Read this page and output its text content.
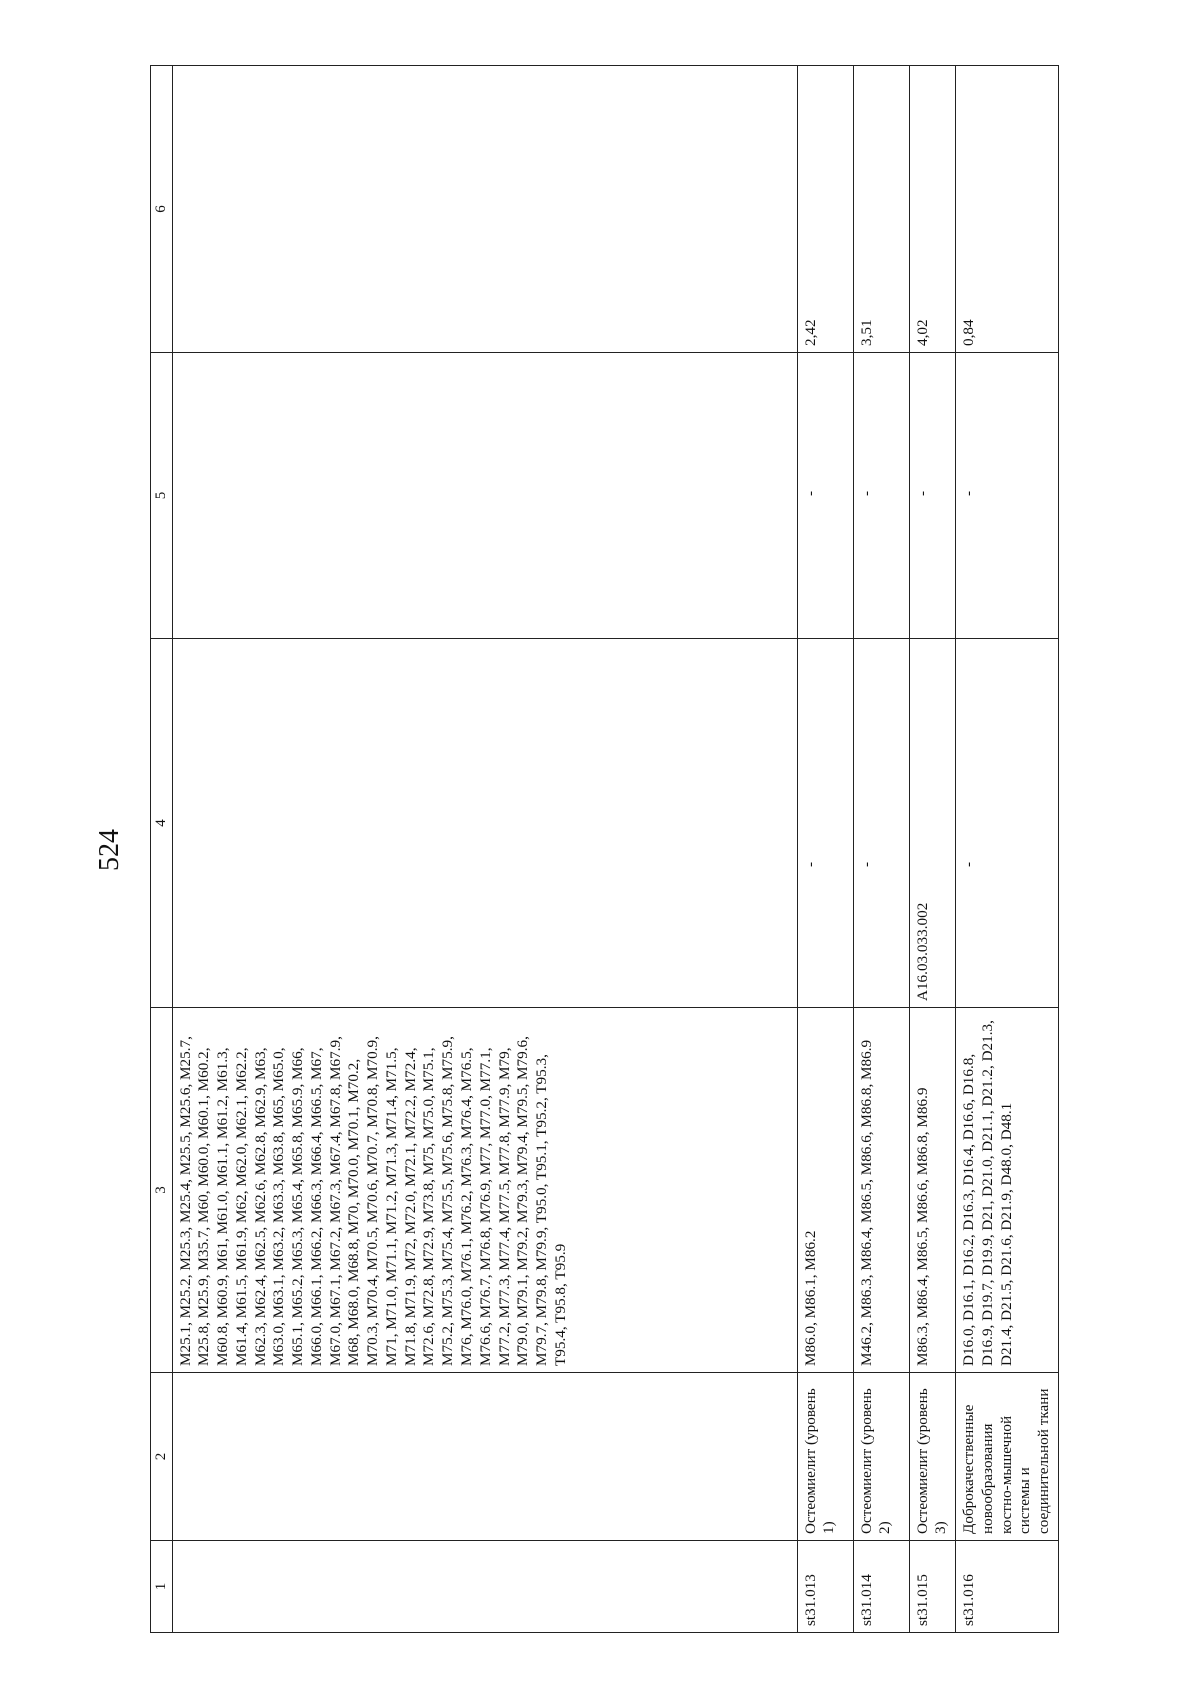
524
1	2	3	4	5	6
		M25.1, M25.2, M25.3, M25.4, M25.5, M25.6, M25.7, M25.8, M25.9, M35.7, M60, M60.0, M60.1, M60.2, M60.8, M60.9, M61, M61.0, M61.1, M61.2, M61.3, M61.4, M61.5, M61.9, M62, M62.0, M62.1, M62.2, M62.3, M62.4, M62.5, M62.6, M62.8, M62.9, M63, M63.0, M63.1, M63.2, M63.3, M63.8, M65, M65.0, M65.1, M65.2, M65.3, M65.4, M65.8, M65.9, M66, M66.0, M66.1, M66.2, M66.3, M66.4, M66.5, M67, M67.0, M67.1, M67.2, M67.3, M67.4, M67.8, M67.9, M68, M68.0, M68.8, M70, M70.0, M70.1, M70.2, M70.3, M70.4, M70.5, M70.6, M70.7, M70.8, M70.9, M71, M71.0, M71.1, M71.2, M71.3, M71.4, M71.5, M71.8, M71.9, M72, M72.0, M72.1, M72.2, M72.4, M72.6, M72.8, M72.9, M73.8, M75, M75.0, M75.1, M75.2, M75.3, M75.4, M75.5, M75.6, M75.8, M75.9, M76, M76.0, M76.1, M76.2, M76.3, M76.4, M76.5, M76.6, M76.7, M76.8, M76.9, M77, M77.0, M77.1, M77.2, M77.3, M77.4, M77.5, M77.8, M77.9, M79, M79.0, M79.1, M79.2, M79.3, M79.4, M79.5, M79.6, M79.7, M79.8, M79.9, T95.0, T95.1, T95.2, T95.3, T95.4, T95.8, T95.9			
st31.013	Остеомиелит (уровень 1)	M86.0, M86.1, M86.2	-	-	2,42
st31.014	Остеомиелит (уровень 2)	M46.2, M86.3, M86.4, M86.5, M86.6, M86.8, M86.9	-	-	3,51
st31.015	Остеомиелит (уровень 3)	M86.3, M86.4, M86.5, M86.6, M86.8, M86.9	A16.03.033.002	-	4,02
st31.016	Доброкачественные новообразования костно-мышечной системы и соединительной ткани	D16.0, D16.1, D16.2, D16.3, D16.4, D16.6, D16.8, D16.9, D19.7, D19.9, D21, D21.0, D21.1, D21.2, D21.3, D21.4, D21.5, D21.6, D21.9, D48.0, D48.1	-	-	0,84
